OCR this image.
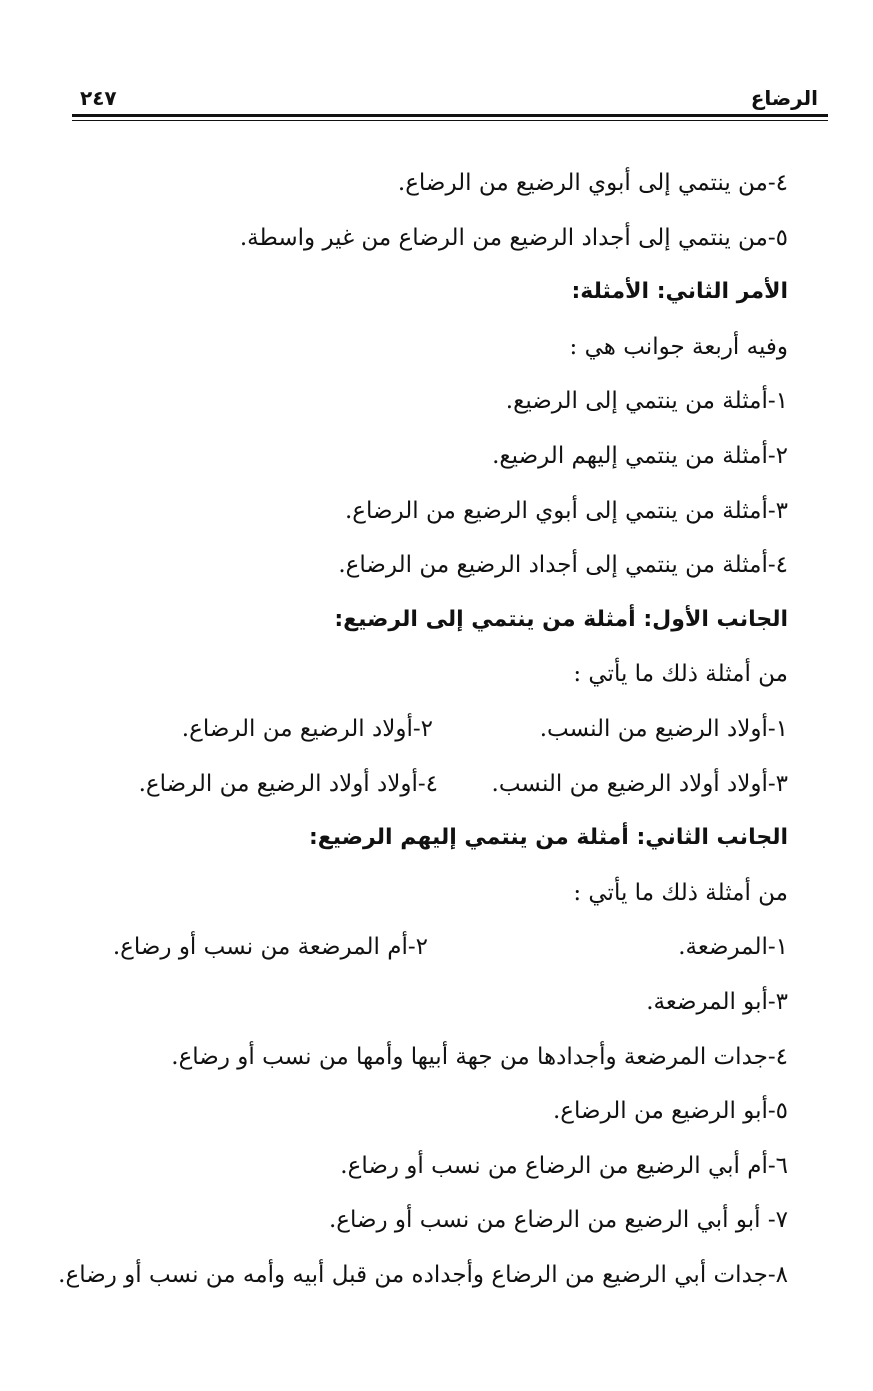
الرضاع
٢٤٧
٤-من ينتمي إلى أبوي الرضيع من الرضاع.
٥-من ينتمي إلى أجداد الرضيع من الرضاع من غير واسطة.
الأمر الثاني: الأمثلة:
وفيه أربعة جوانب هي :
١-أمثلة من ينتمي إلى الرضيع.
٢-أمثلة من ينتمي إليهم الرضيع.
٣-أمثلة من ينتمي إلى أبوي الرضيع من الرضاع.
٤-أمثلة من ينتمي إلى أجداد الرضيع من الرضاع.
الجانب الأول: أمثلة من ينتمي إلى الرضيع:
من أمثلة ذلك ما يأتي :
١-أولاد الرضيع من النسب.
٢-أولاد الرضيع من الرضاع.
٣-أولاد أولاد الرضيع من النسب.
٤-أولاد أولاد الرضيع من الرضاع.
الجانب الثاني: أمثلة من ينتمي إليهم الرضيع:
من أمثلة ذلك ما يأتي :
١-المرضعة.
٢-أم المرضعة من نسب أو رضاع.
٣-أبو المرضعة.
٤-جدات المرضعة وأجدادها من جهة أبيها وأمها من نسب أو رضاع.
٥-أبو الرضيع من الرضاع.
٦-أم أبي الرضيع من الرضاع من نسب أو رضاع.
٧- أبو أبي الرضيع من الرضاع من نسب أو رضاع.
٨-جدات أبي الرضيع من الرضاع وأجداده من قبل أبيه وأمه من نسب أو رضاع.
